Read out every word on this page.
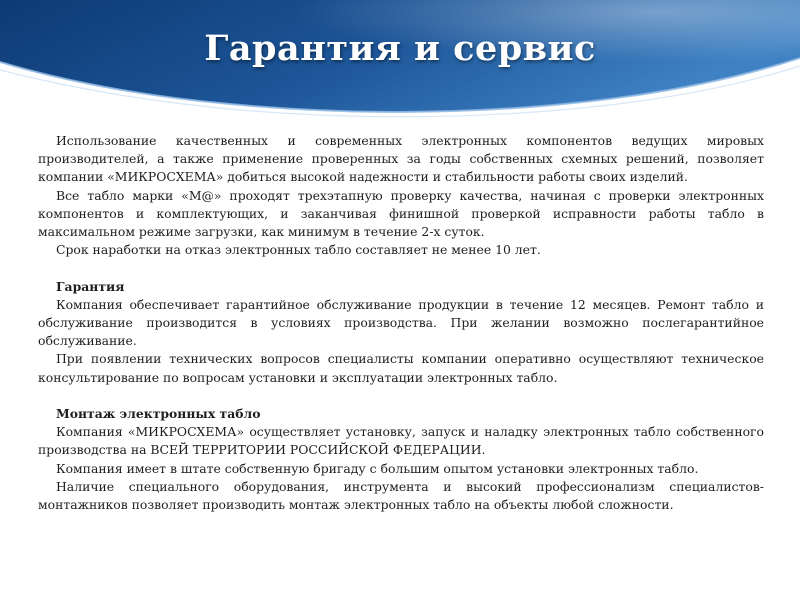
Гарантия и сервис

Использование качественных и современных электронных компонентов ведущих мировых производителей, а также применение проверенных за годы собственных схемных решений, позволяет компании «МИКРОСХЕМА» добиться высокой надежности и стабильности работы своих изделий.

Все табло марки «М@» проходят трехэтапную проверку качества, начиная с проверки электронных компонентов и комплектующих, и заканчивая финишной проверкой исправности работы табло в максимальном режиме загрузки, как минимум в течение 2-х суток.

Срок наработки на отказ электронных табло составляет не менее 10 лет.

Гарантия

Компания обеспечивает гарантийное обслуживание продукции в течение 12 месяцев. Ремонт табло и обслуживание производится в условиях производства. При желании возможно послегарантийное обслуживание.

При появлении технических вопросов специалисты компании оперативно осуществляют техническое консультирование по вопросам установки и эксплуатации электронных табло.

Монтаж электронных табло

Компания «МИКРОСХЕМА» осуществляет установку, запуск и наладку электронных табло собственного производства на ВСЕЙ ТЕРРИТОРИИ РОССИЙСКОЙ ФЕДЕРАЦИИ.

Компания имеет в штате собственную бригаду с большим опытом установки электронных табло.

Наличие специального оборудования, инструмента и высокий профессионализм специалистов-монтажников позволяет производить монтаж электронных табло на объекты любой сложности.
